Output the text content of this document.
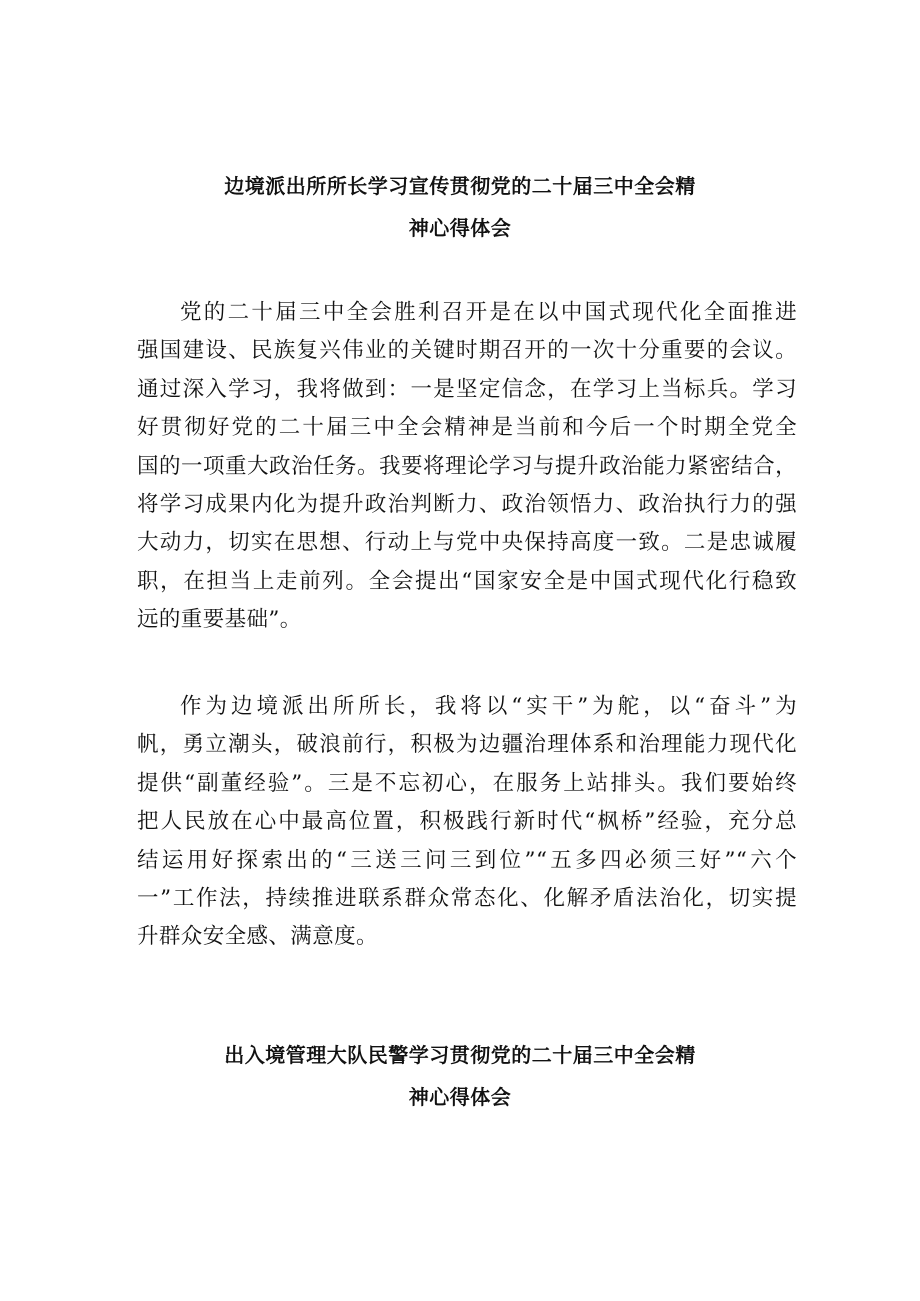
边境派出所所长学习宣传贯彻党的二十届三中全会精
神心得体会
党的二十届三中全会胜利召开是在以中国式现代化全面推进
强国建设、民族复兴伟业的关键时期召开的一次十分重要的会议。
通过深入学习，我将做到：一是坚定信念，在学习上当标兵。学习
好贯彻好党的二十届三中全会精神是当前和今后一个时期全党全
国的一项重大政治任务。我要将理论学习与提升政治能力紧密结合，
将学习成果内化为提升政治判断力、政治领悟力、政治执行力的强
大动力，切实在思想、行动上与党中央保持高度一致。二是忠诚履
职，在担当上走前列。全会提出“国家安全是中国式现代化行稳致
远的重要基础”。
作为边境派出所所长，我将以“实干”为舵，以“奋斗”为
帆，勇立潮头，破浪前行，积极为边疆治理体系和治理能力现代化
提供“副董经验”。三是不忘初心，在服务上站排头。我们要始终
把人民放在心中最高位置，积极践行新时代“枫桥”经验，充分总
结运用好探索出的“三送三问三到位”“五多四必须三好”“六个
一”工作法，持续推进联系群众常态化、化解矛盾法治化，切实提
升群众安全感、满意度。
出入境管理大队民警学习贯彻党的二十届三中全会精
神心得体会
